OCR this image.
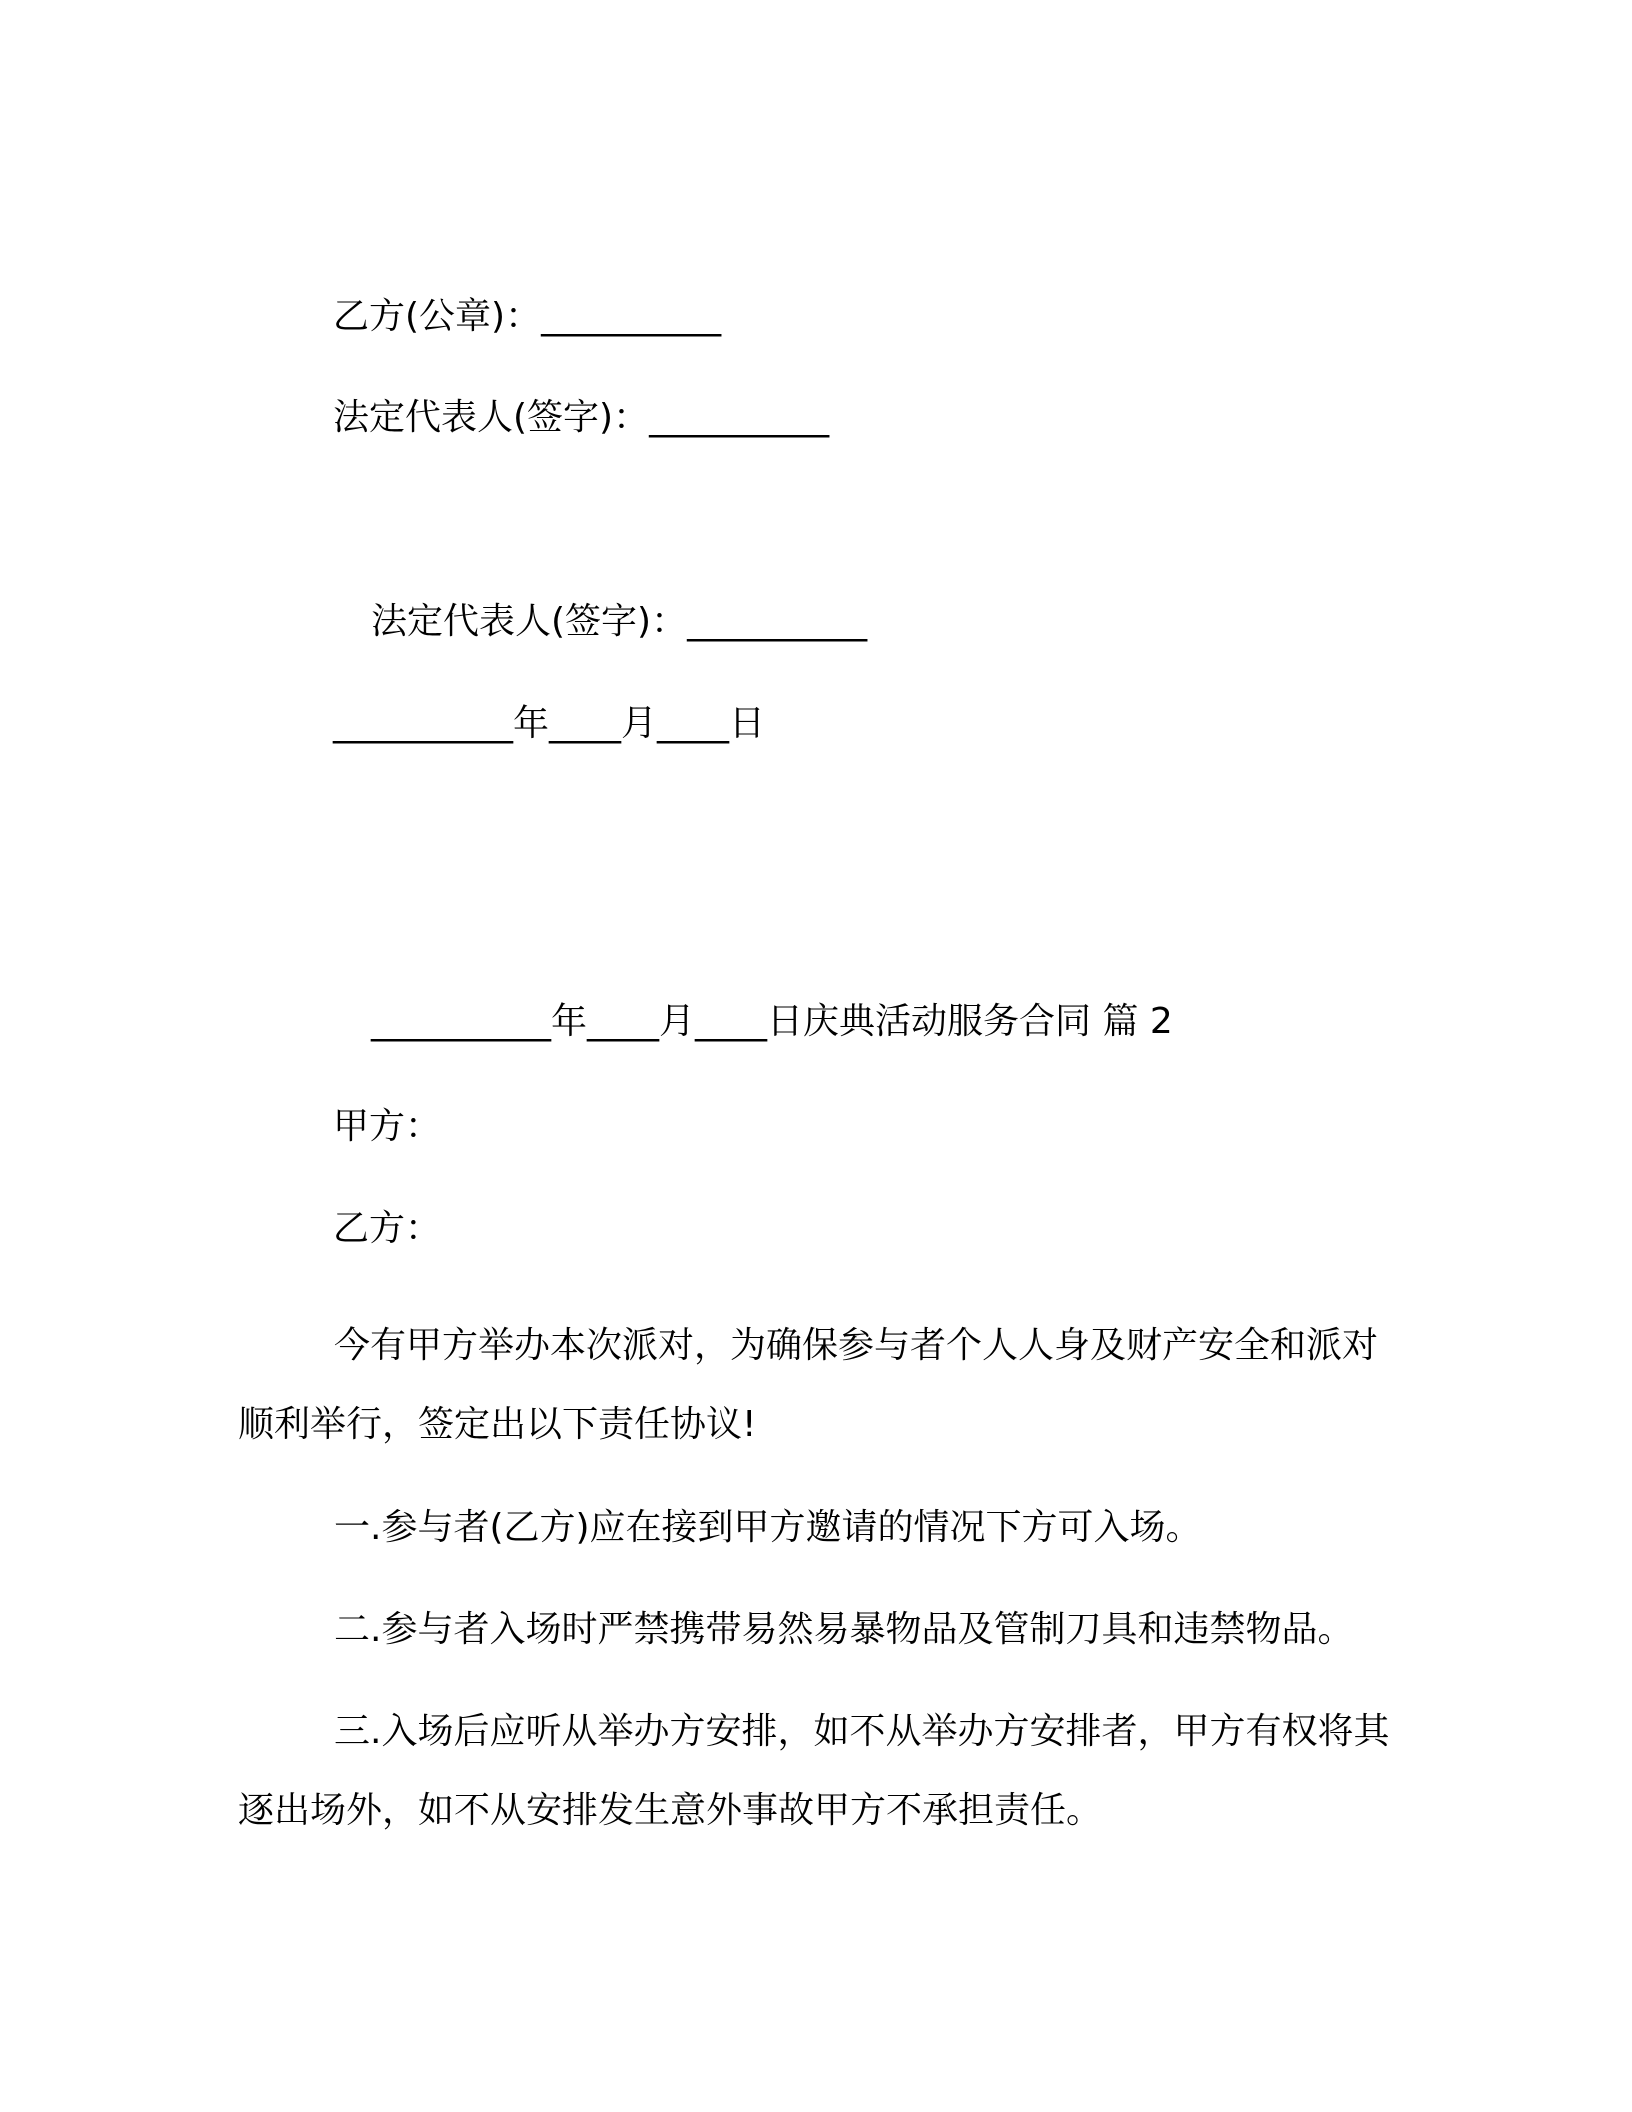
乙方(公章)：__________
法定代表人(签字)：__________
法定代表人(签字)：__________
__________年____月____日
__________年____月____日庆典活动服务合同 篇 2
甲方：
乙方：

今有甲方举办本次派对，为确保参与者个人人身及财产安全和派对顺利举行，签定出以下责任协议!

一.参与者(乙方)应在接到甲方邀请的情况下方可入场。

二.参与者入场时严禁携带易然易暴物品及管制刀具和违禁物品。

三.入场后应听从举办方安排，如不从举办方安排者，甲方有权将其逐出场外，如不从安排发生意外事故甲方不承担责任。
